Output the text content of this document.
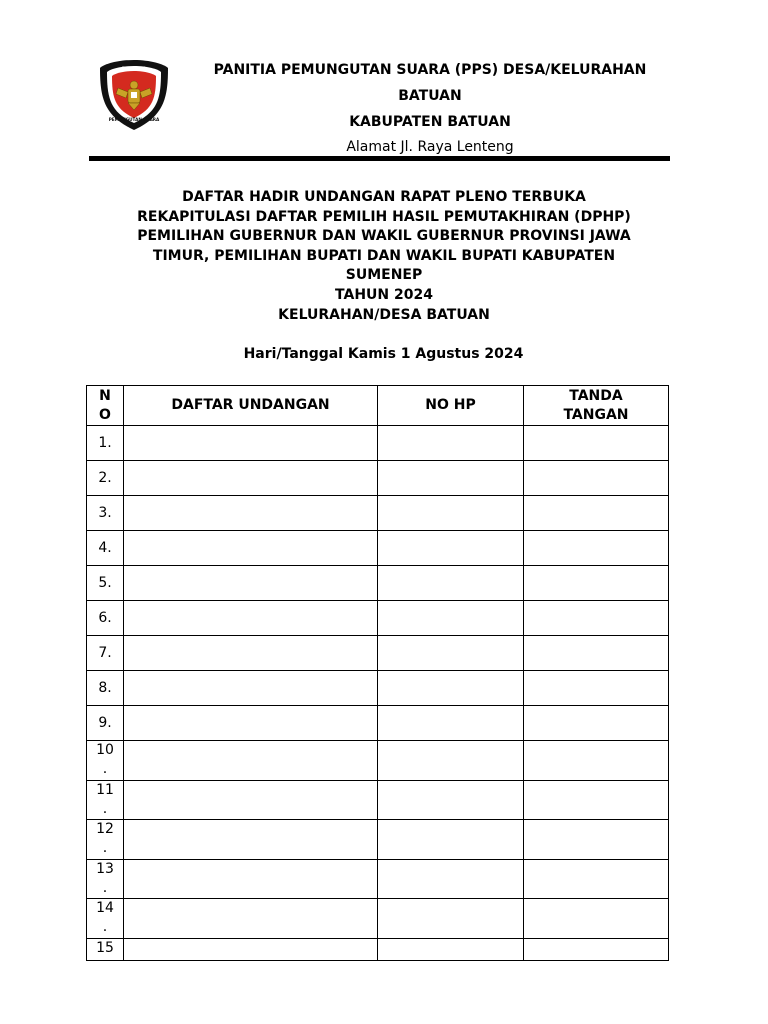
PANITIA
PEMUNGUTAN SUARA
PANITIA PEMUNGUTAN SUARA (PPS) DESA/KELURAHAN
BATUAN
KABUPATEN BATUAN
Alamat Jl. Raya Lenteng
DAFTAR HADIR UNDANGAN RAPAT PLENO TERBUKA
REKAPITULASI DAFTAR PEMILIH HASIL PEMUTAKHIRAN (DPHP)
PEMILIHAN GUBERNUR DAN WAKIL GUBERNUR PROVINSI JAWA
TIMUR, PEMILIHAN BUPATI DAN WAKIL BUPATI KABUPATEN
SUMENEP
TAHUN 2024
KELURAHAN/DESA BATUAN
Hari/Tanggal Kamis 1 Agustus 2024
NO	DAFTAR UNDANGAN	NO HP	TANDA TANGAN

1.			

2.			

3.			

4.			

5.			

6.			

7.			

8.			

9.			

10.			

11.			

12.			

13.			

14.			

15			
